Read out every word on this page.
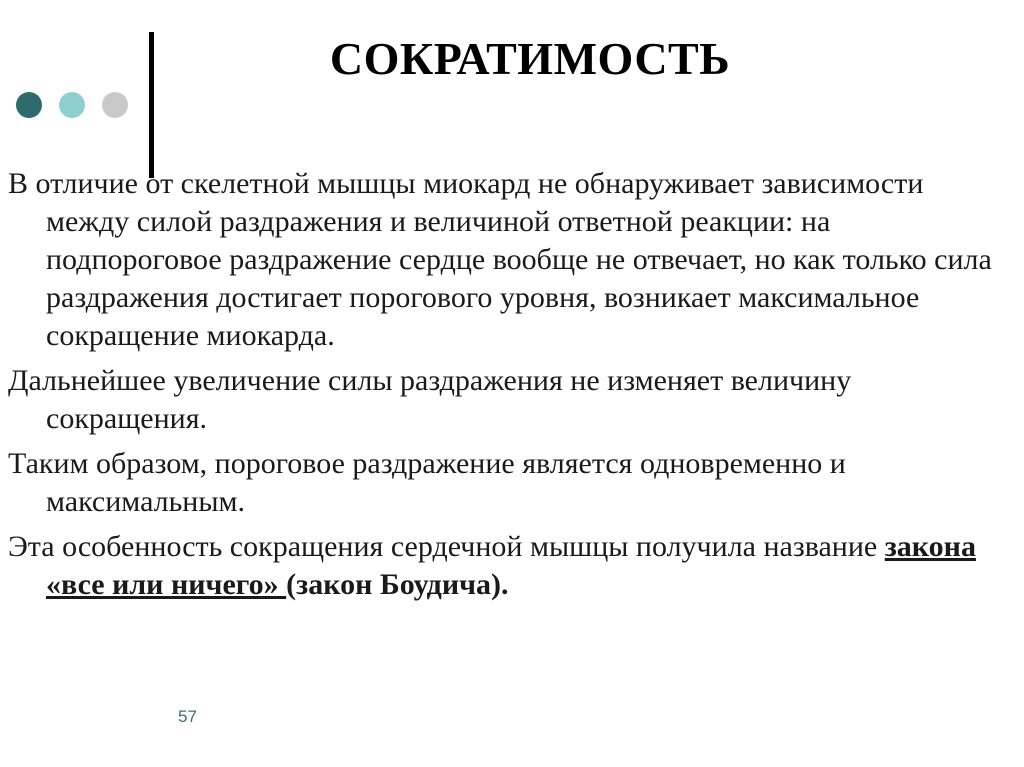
СОКРАТИМОСТЬ

В отличие от скелетной мышцы миокард не обнаруживает зависимости между силой раздражения и величиной ответной реакции: на подпороговое раздражение сердце вообще не отвечает, но как только сила раздражения достигает порогового уровня, возникает максимальное сокращение миокарда.

Дальнейшее увеличение силы раздражения не изменяет величину сокращения.

Таким образом, пороговое раздражение является одновременно и максимальным.

Эта особенность сокращения сердечной мышцы получила название закона «все или ничего» (закон Боудича).

57
